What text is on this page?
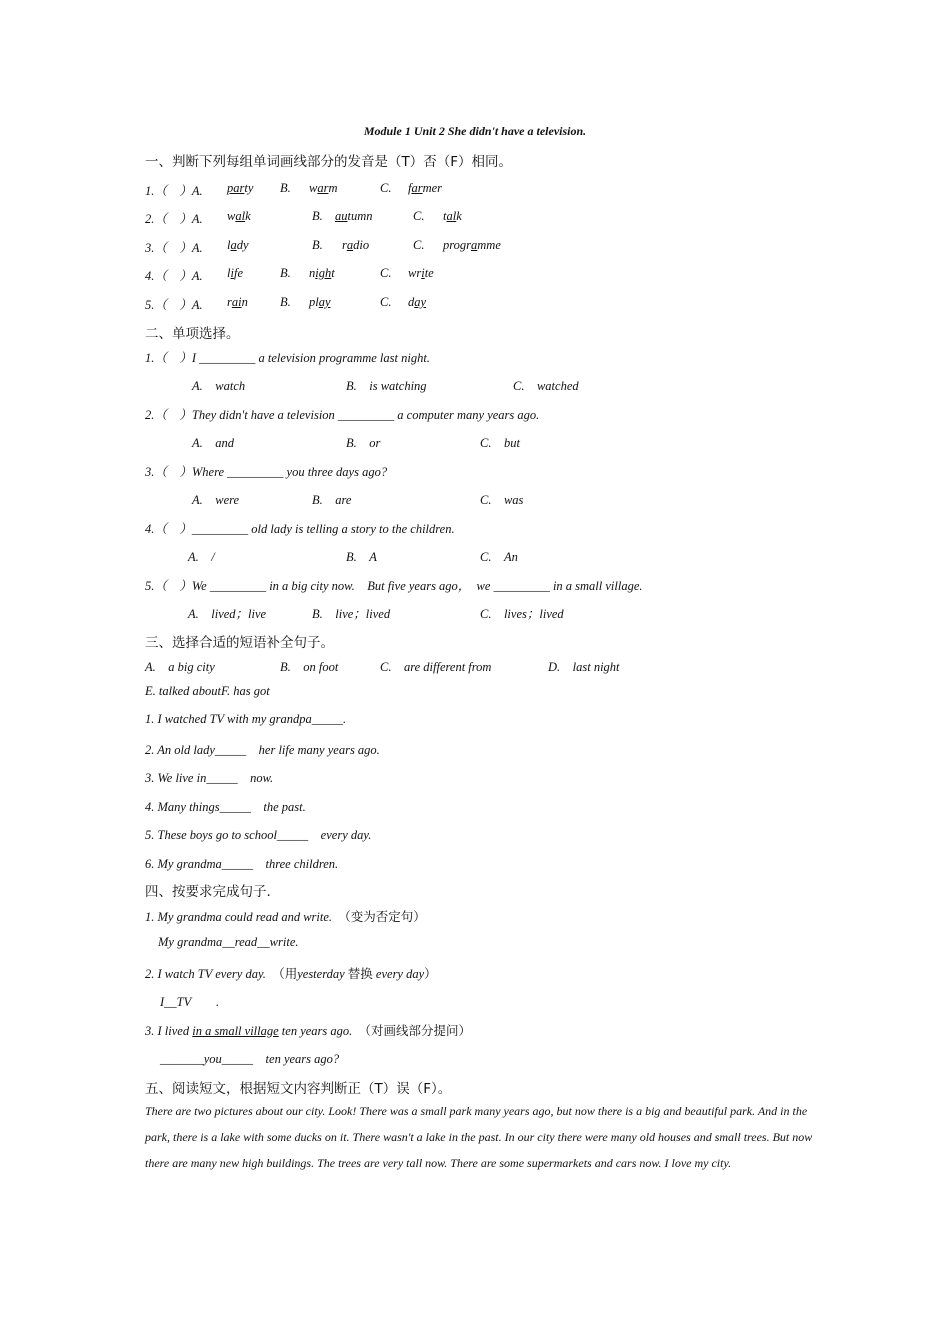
Module 1 Unit 2 She didn't have a television.
一、判断下列每组单词画线部分的发音是（T）否（F）相同。
1.（　）A. party B. warm	C. farmer
2.（　）A. walk	B. autumn	C. talk
3.（　）A. lady	B. radio	C. programme
4.（　）A. life	B. night	C. write
5.（　）A. rain	B. play	C. day
二、单项选择。
1.（　）I _________ a television programme last night.
A.　watch	B.　is watching	C.　watched
2.（　）They didn't have a television _________ a computer many years ago.
A.　and	B.　or	C.　but
3.（　）Where _________ you three days ago?
A.　were	B.　are	C.　was
4.（　）_________ old lady is telling a story to the children.
A.　/	B.　A	C.　An
5.（　）We _________ in a big city now.　But five years ago，　we _________ in a small village.
A.　lived；live	B.　live；lived	C.　lives；lived
三、选择合适的短语补全句子。
A.　a big city	B.　on foot	C.　are different from	D.　last night
E. talked aboutF. has got
1. I watched TV with my grandpa_____.
2. An old lady_____　her life many years ago.
3. We live in_____　now.
4. Many things_____　the past.
5. These boys go to school_____　every day.
6. My grandma_____　three children.
四、按要求完成句子.
1. My grandma could read and write.　 （变为否定句）
My grandma__read__write.
2. I watch TV every day.　 （用yesterday 替换 every day）
I__TV　　.
3. I lived in a small village ten years ago.　 （对画线部分提问）
_______you_____　ten years ago?
五、阅读短文，根据短文内容判断正（T）误（F）。
There are two pictures about our city. Look! There was a small park many years ago, but now there is a big and beautiful park. And in the park, there is a lake with some ducks on it. There wasn't a lake in the past. In our city there were many old houses and small trees. But now there are many new high buildings. The trees are very tall now. There are some supermarkets and cars now. I love my city.
